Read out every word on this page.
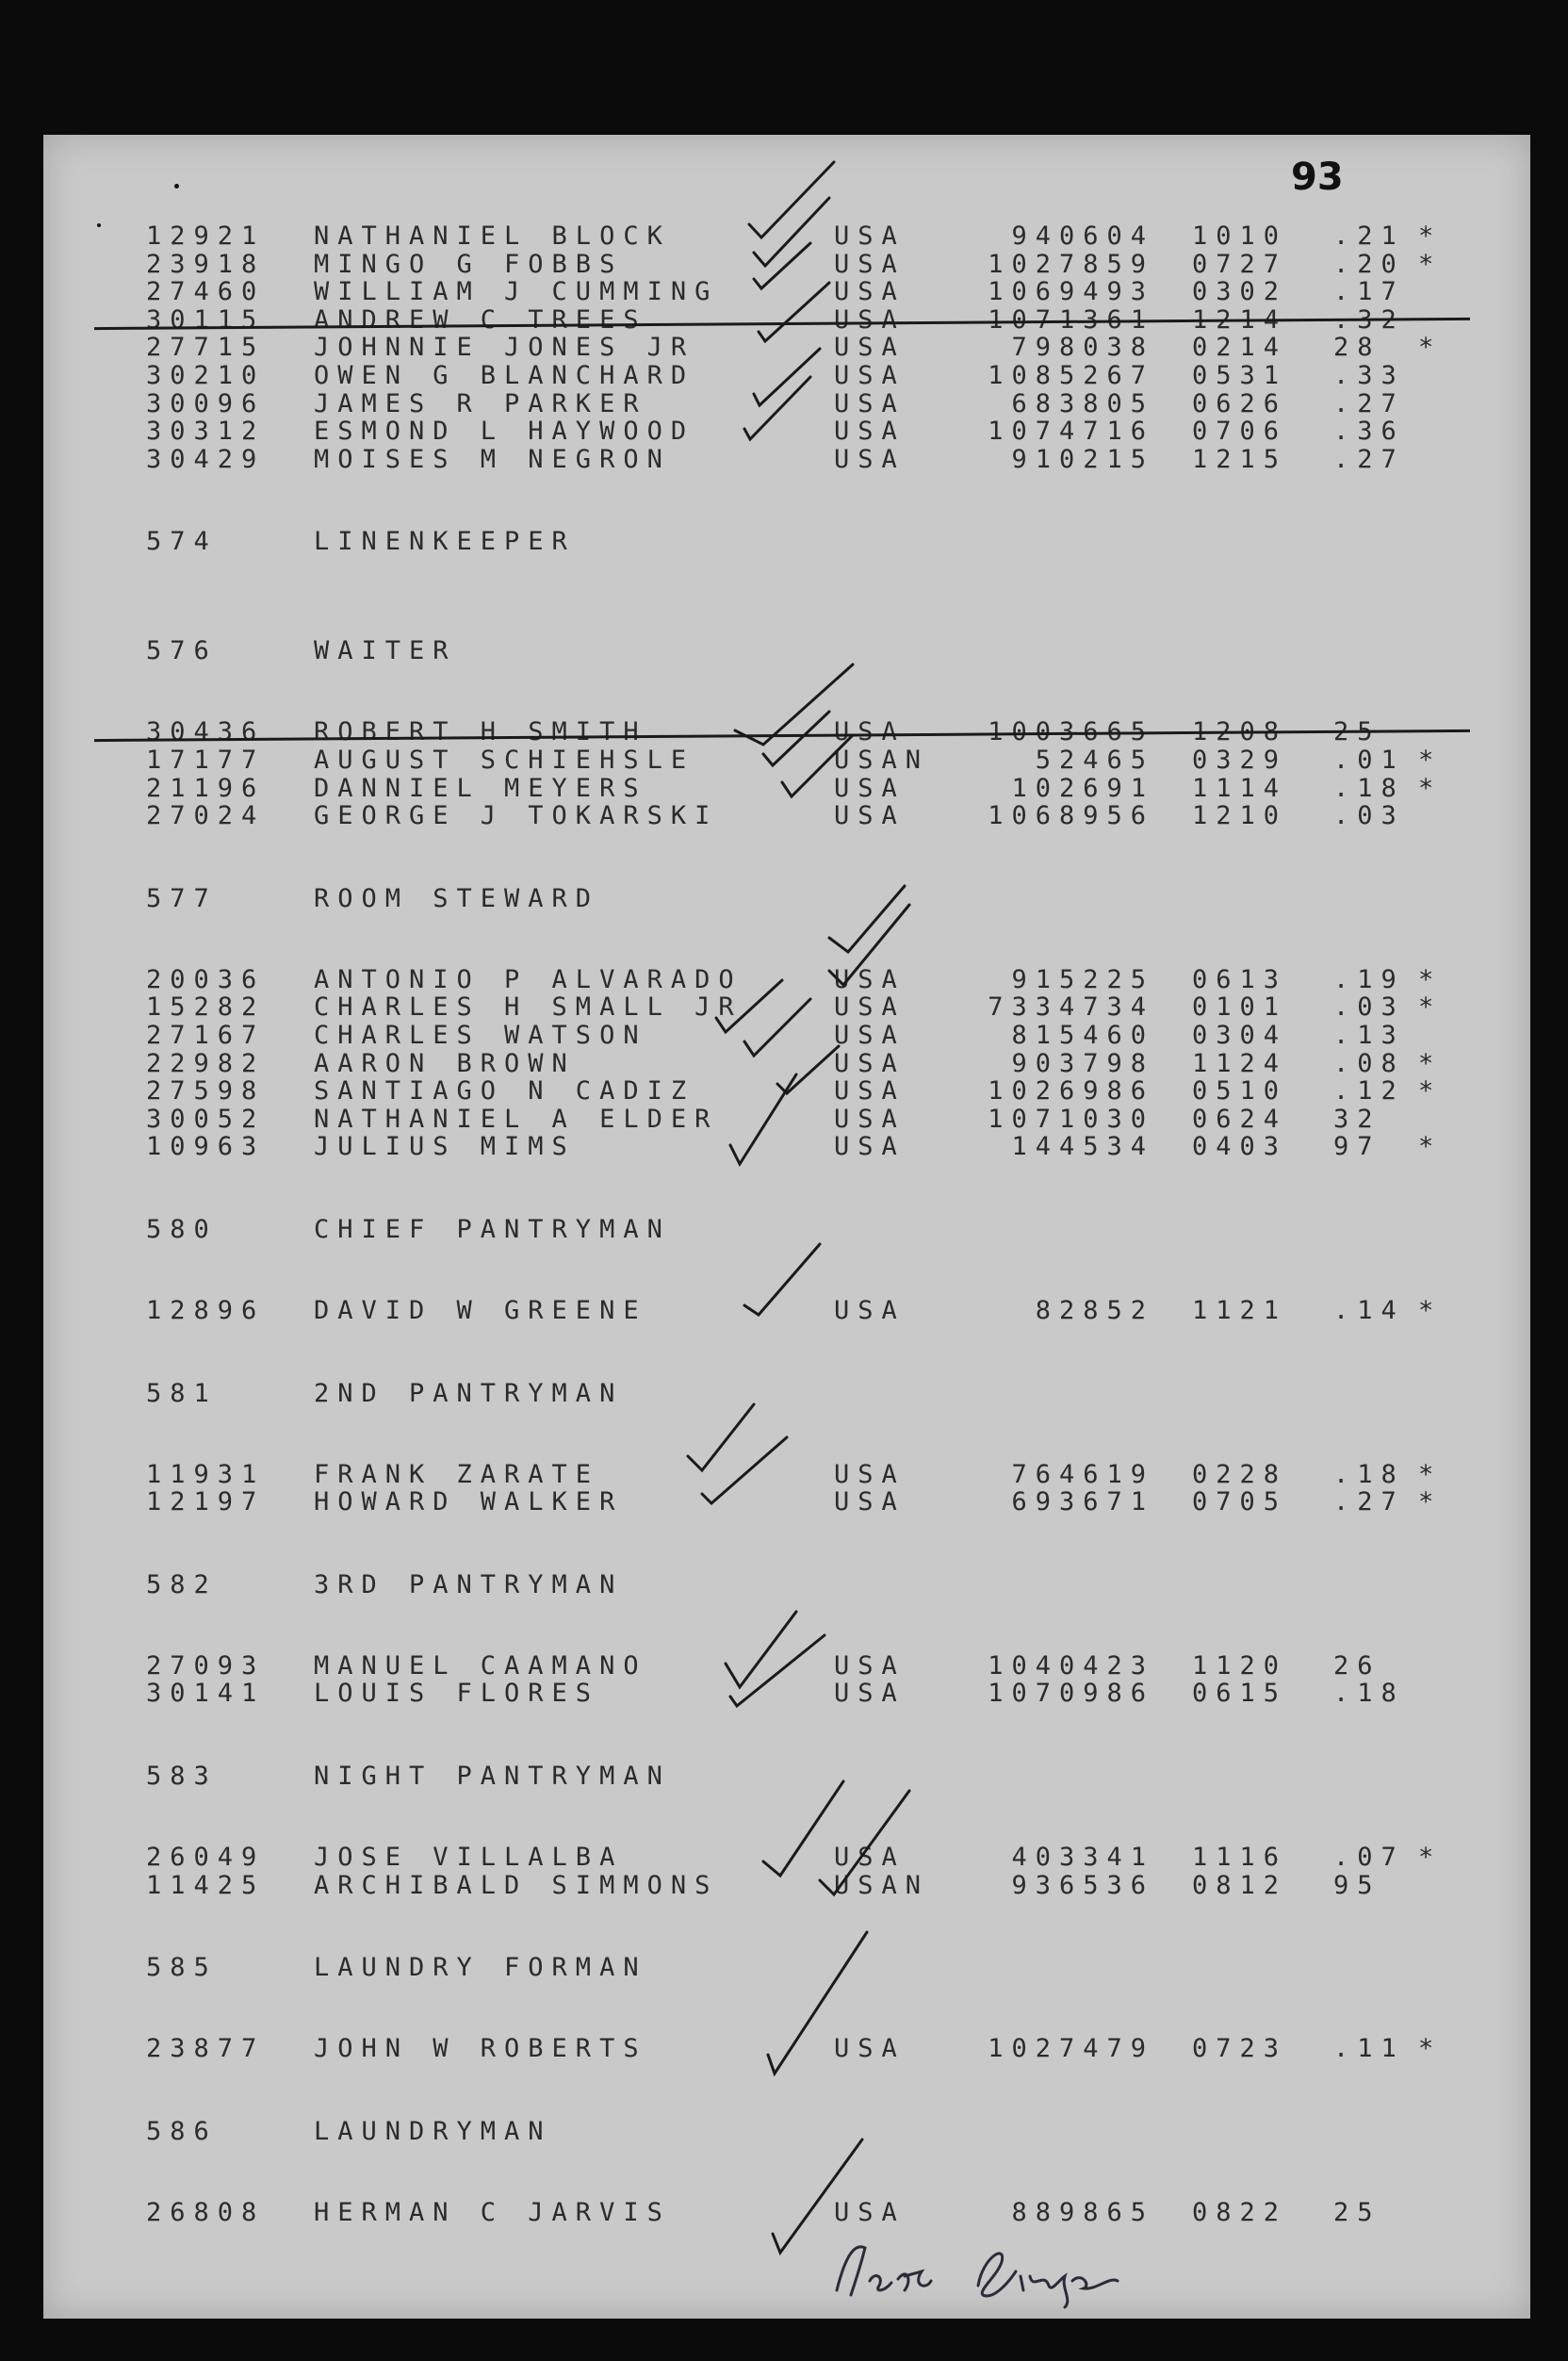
93
12921 NATHANIEL BLOCK	USA	940604 1010 .21 *
23918 MINGO G FOBBS	USA	1027859 0727 .20 *
27460 WILLIAM J CUMMING	USA	1069493 0302 .17
30115 ANDREW C TREES	USA	1071361 1214 .32
27715 JOHNNIE JONES JR	USA	798038 0214 28 *
30210 OWEN G BLANCHARD	USA	1085267 0531 .33
30096 JAMES R PARKER	USA	683805 0626 .27
30312 ESMOND L HAYWOOD	USA	1074716 0706 .36
30429 MOISES M NEGRON	USA	910215 1215 .27
574	LINENKEEPER
576	WAITER
30436 ROBERT H SMITH	USA	1003665 1208 25
17177 AUGUST SCHIEHSLE	USAN	52465 0329 .01 *
21196 DANNIEL MEYERS	USA	102691 1114 .18 *
27024 GEORGE J TOKARSKI	USA	1068956 1210 .03
577	ROOM STEWARD
20036 ANTONIO P ALVARADO	USA	915225 0613 .19 *
15282 CHARLES H SMALL JR	USA	7334734 0101 .03 *
27167 CHARLES WATSON	USA	815460 0304 .13
22982 AARON BROWN	USA	903798 1124 .08 *
27598 SANTIAGO N CADIZ	USA	1026986 0510 .12 *
30052 NATHANIEL A ELDER	USA	1071030 0624 32
10963 JULIUS MIMS	USA	144534 0403 97 *
580	CHIEF PANTRYMAN
12896 DAVID W GREENE	USA	82852 1121 .14 *
581	2ND PANTRYMAN
11931 FRANK ZARATE	USA	764619 0228 .18 *
12197 HOWARD WALKER	USA	693671 0705 .27 *
582	3RD PANTRYMAN
27093 MANUEL CAAMANO	USA	1040423 1120 26
30141 LOUIS FLORES	USA	1070986 0615 .18
583	NIGHT PANTRYMAN
26049 JOSE VILLALBA	USA	403341 1116 .07 *
11425 ARCHIBALD SIMMONS	USAN	936536 0812 95
585	LAUNDRY FORMAN
23877 JOHN W ROBERTS	USA	1027479 0723 .11 *
586	LAUNDRYMAN
26808 HERMAN C JARVIS	USA	889865 0822 25
